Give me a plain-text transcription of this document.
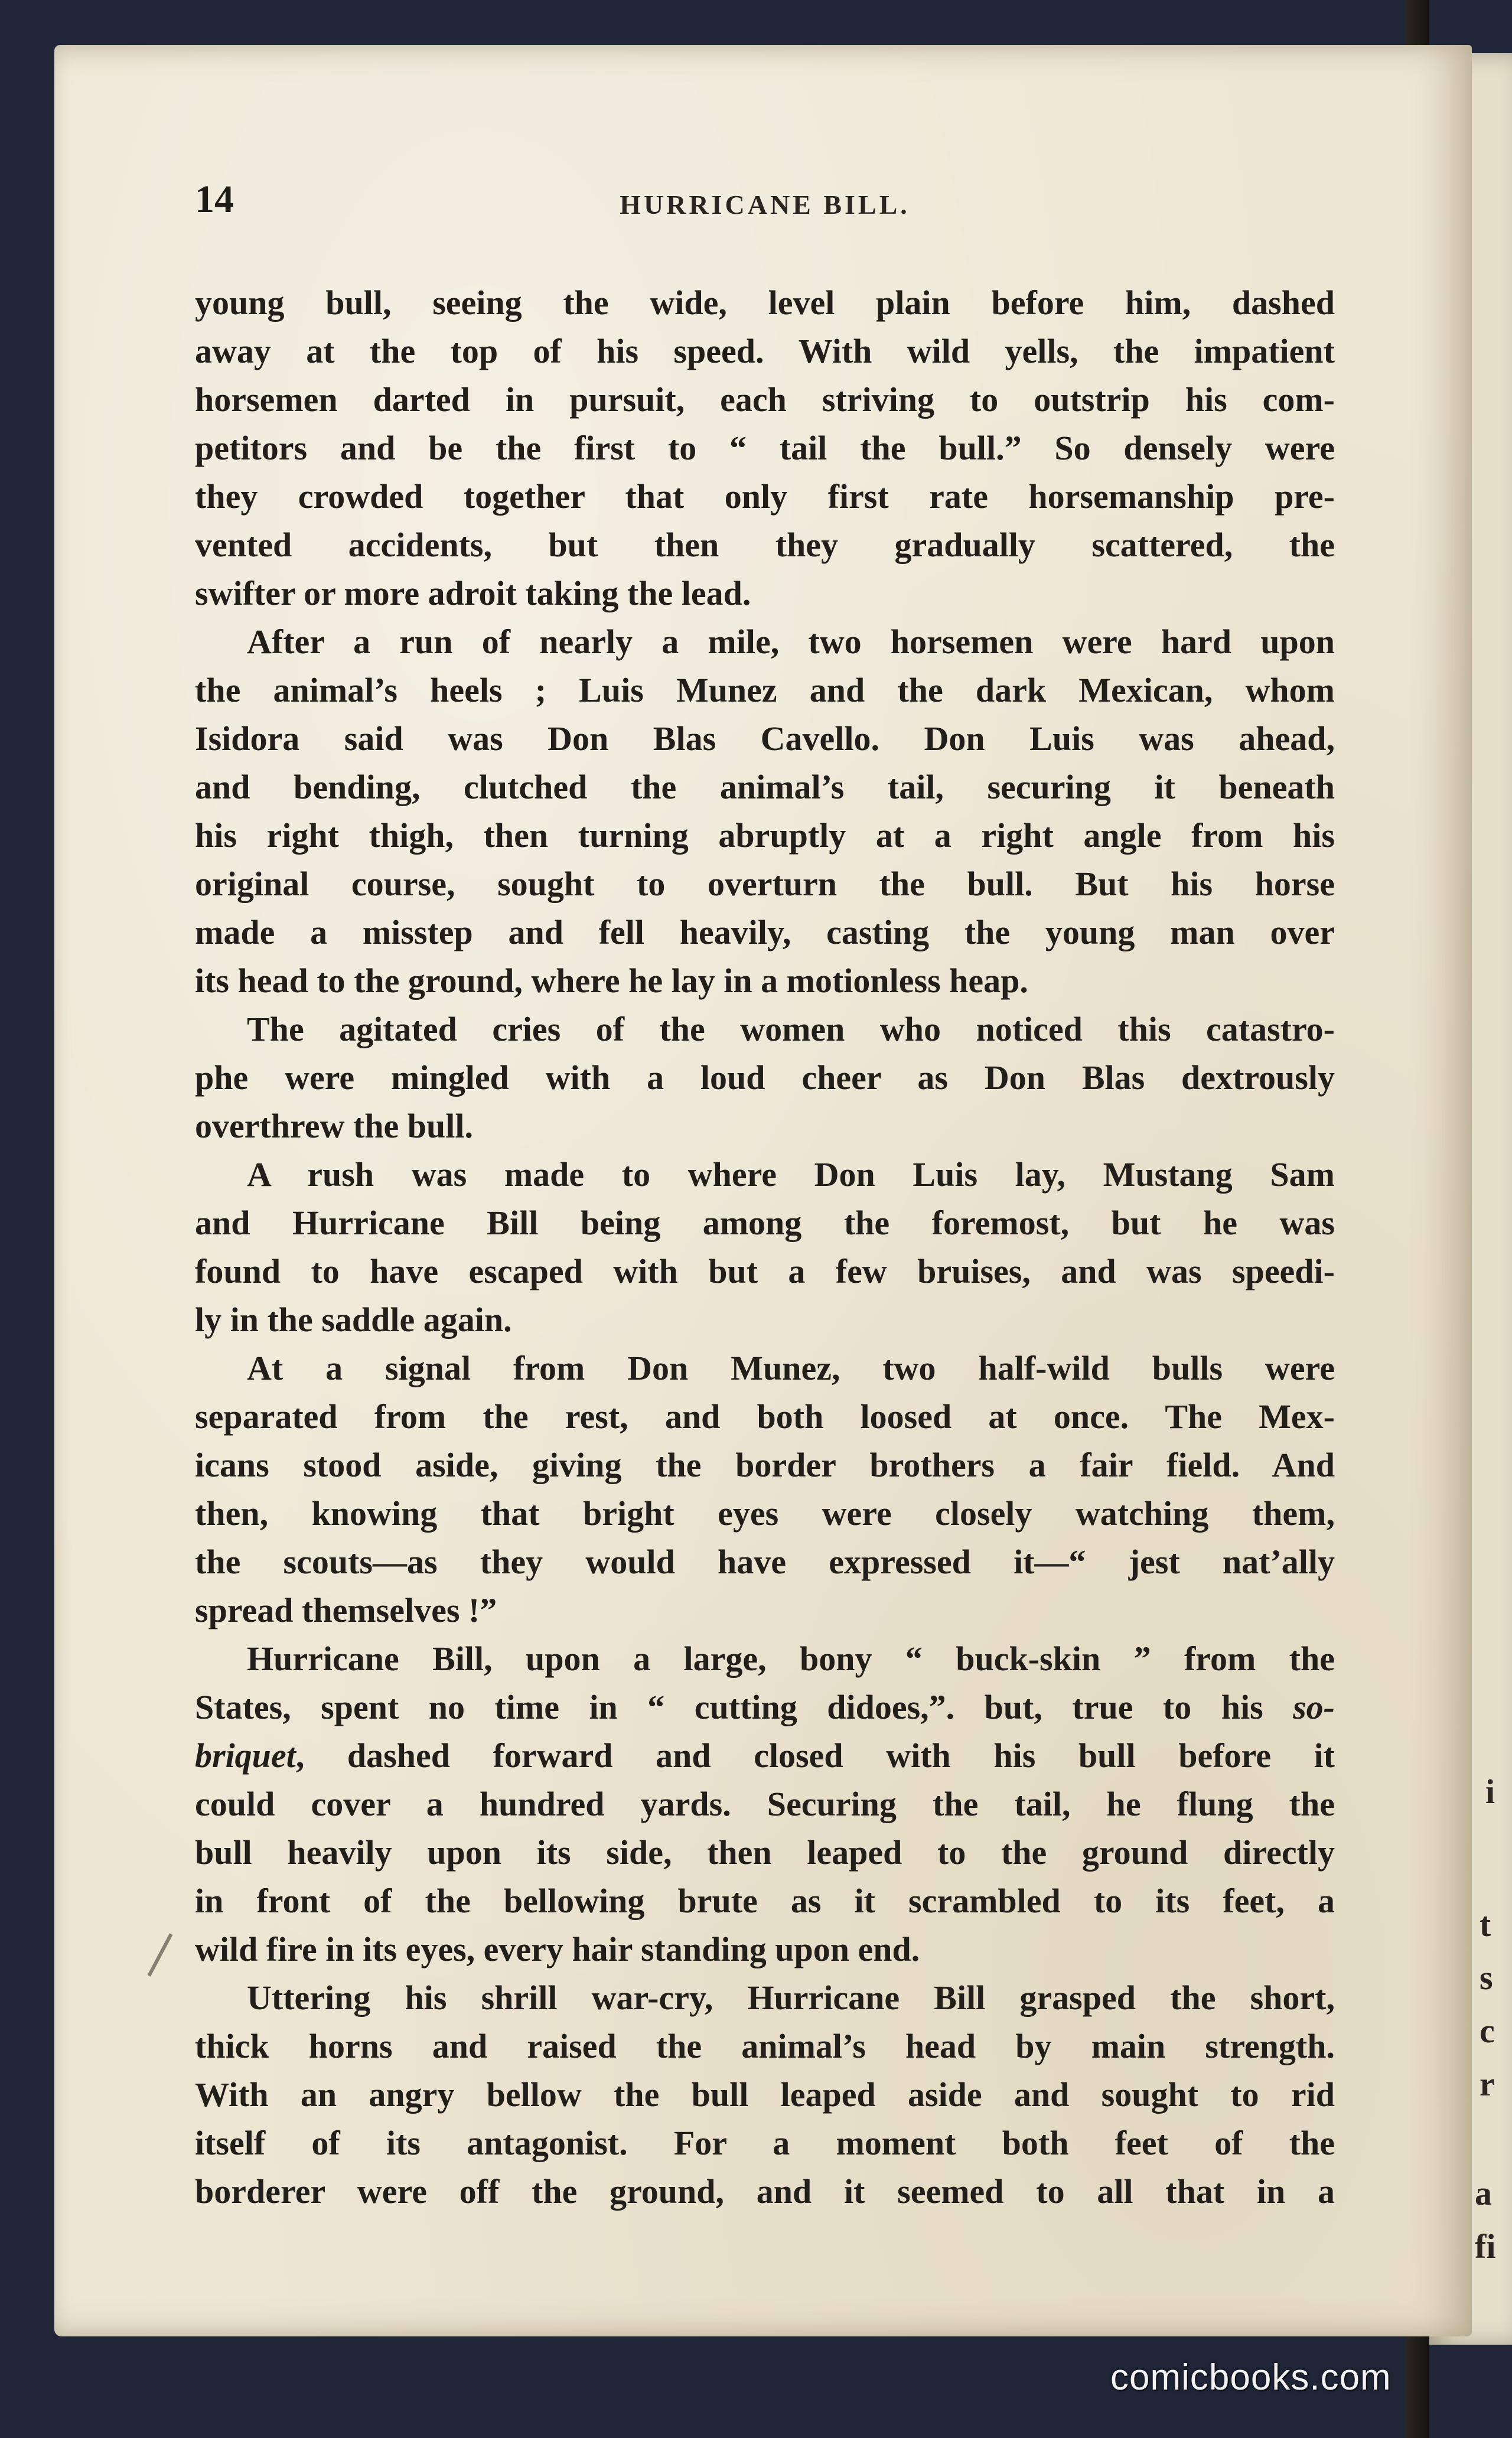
i
t
s
c
r
a
fi
14	HURRICANE BILL.
young bull, seeing the wide, level plain before him, dashed
away at the top of his speed. With wild yells, the impatient
horsemen darted in pursuit, each striving to outstrip his com-
petitors and be the first to “ tail the bull.” So densely were
they crowded together that only first rate horsemanship pre-
vented accidents, but then they gradually scattered, the
swifter or more adroit taking the lead.
After a run of nearly a mile, two horsemen were hard upon
the animal’s heels ; Luis Munez and the dark Mexican, whom
Isidora said was Don Blas Cavello. Don Luis was ahead,
and bending, clutched the animal’s tail, securing it beneath
his right thigh, then turning abruptly at a right angle from his
original course, sought to overturn the bull. But his horse
made a misstep and fell heavily, casting the young man over
its head to the ground, where he lay in a motionless heap.
The agitated cries of the women who noticed this catastro-
phe were mingled with a loud cheer as Don Blas dextrously
overthrew the bull.
A rush was made to where Don Luis lay, Mustang Sam
and Hurricane Bill being among the foremost, but he was
found to have escaped with but a few bruises, and was speedi-
ly in the saddle again.
At a signal from Don Munez, two half-wild bulls were
separated from the rest, and both loosed at once. The Mex-
icans stood aside, giving the border brothers a fair field. And
then, knowing that bright eyes were closely watching them,
the scouts—as they would have expressed it—“ jest nat’ally
spread themselves !”
Hurricane Bill, upon a large, bony “ buck-skin ” from the
States, spent no time in “ cutting didoes,”. but, true to his so-
briquet, dashed forward and closed with his bull before it
could cover a hundred yards. Securing the tail, he flung the
bull heavily upon its side, then leaped to the ground directly
in front of the bellowing brute as it scrambled to its feet, a
wild fire in its eyes, every hair standing upon end.
Uttering his shrill war-cry, Hurricane Bill grasped the short,
thick horns and raised the animal’s head by main strength.
With an angry bellow the bull leaped aside and sought to rid
itself of its antagonist. For a moment both feet of the
borderer were off the ground, and it seemed to all that in a
comicbooks.com
